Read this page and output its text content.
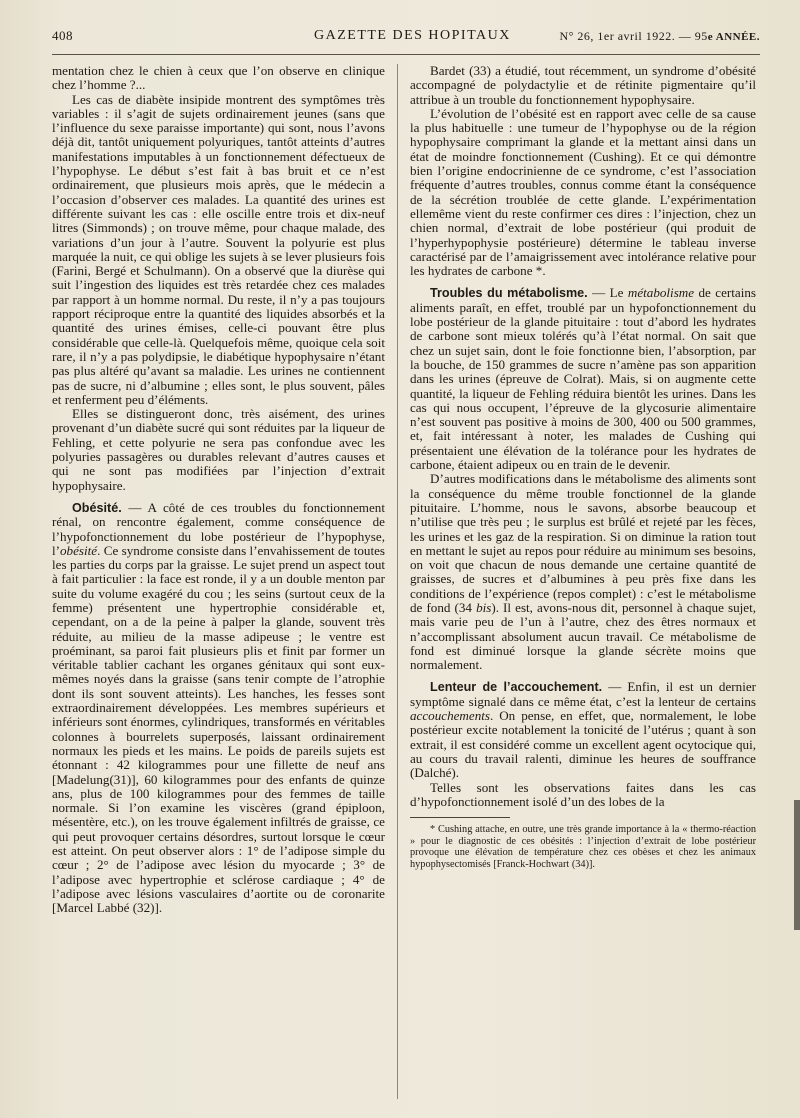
408	GAZETTE DES HOPITAUX	N° 26, 1er avril 1922. — 95e ANNÉE.

mentation chez le chien à ceux que l’on observe en clinique chez l’homme ?...

Les cas de diabète insipide montrent des symptômes très variables : il s’agit de sujets ordinairement jeunes (sans que l’influence du sexe paraisse importante) qui sont, nous l’avons déjà dit, tantôt uniquement polyuriques, tantôt atteints d’autres manifestations imputables à un fonctionnement défectueux de l’hypophyse. Le début s’est fait à bas bruit et ce n’est ordinairement, que plusieurs mois après, que le médecin a l’occasion d’observer ces malades. La quantité des urines est différente suivant les cas : elle oscille entre trois et dix-neuf litres (Simmonds) ; on trouve même, pour chaque malade, des variations d’un jour à l’autre. Souvent la polyurie est plus marquée la nuit, ce qui oblige les sujets à se lever plusieurs fois (Farini, Bergé et Schulmann). On a observé que la diurèse qui suit l’ingestion des liquides est très retardée chez ces malades par rapport à un homme normal. Du reste, il n’y a pas toujours rapport réciproque entre la quantité des liquides absorbés et la quantité des urines émises, celle-ci pouvant être plus considérable que celle-là. Quelquefois même, quoique cela soit rare, il n’y a pas polydipsie, le diabétique hypophysaire n’étant pas plus altéré qu’avant sa maladie. Les urines ne contiennent pas de sucre, ni d’albumine ; elles sont, le plus souvent, pâles et renferment peu d’éléments.

Elles se distingueront donc, très aisément, des urines provenant d’un diabète sucré qui sont réduites par la liqueur de Fehling, et cette polyurie ne sera pas confondue avec les polyuries passagères ou durables relevant d’autres causes et qui ne sont pas modifiées par l’injection d’extrait hypophysaire.

Obésité. — A côté de ces troubles du fonctionnement rénal, on rencontre également, comme conséquence de l’hypofonctionnement du lobe postérieur de l’hypophyse, l’obésité. Ce syndrome consiste dans l’envahissement de toutes les parties du corps par la graisse. Le sujet prend un aspect tout à fait particulier : la face est ronde, il y a un double menton par suite du volume exagéré du cou ; les seins (surtout ceux de la femme) présentent une hypertrophie considérable et, cependant, on a de la peine à palper la glande, souvent très réduite, au milieu de la masse adipeuse ; le ventre est proéminant, sa paroi fait plusieurs plis et finit par former un véritable tablier cachant les organes génitaux qui sont eux-mêmes noyés dans la graisse (sans tenir compte de l’atrophie dont ils sont souvent atteints). Les hanches, les fesses sont extraordinairement développées. Les membres supérieurs et inférieurs sont énormes, cylindriques, transformés en véritables colonnes à bourrelets superposés, laissant ordinairement normaux les pieds et les mains. Le poids de pareils sujets est étonnant : 42 kilogrammes pour une fillette de neuf ans [Madelung(31)], 60 kilogrammes pour des enfants de quinze ans, plus de 100 kilogrammes pour des femmes de taille normale. Si l’on examine les viscères (grand épiploon, mésentère, etc.), on les trouve également infiltrés de graisse, ce qui peut provoquer certains désordres, surtout lorsque le cœur est atteint. On peut observer alors : 1° de l’adipose simple du cœur ; 2° de l’adipose avec lésion du myocarde ; 3° de l’adipose avec hypertrophie et sclérose cardiaque ; 4° de l’adipose avec lésions vasculaires d’aortite ou de coronarite [Marcel Labbé (32)].

Bardet (33) a étudié, tout récemment, un syndrome d’obésité accompagné de polydactylie et de rétinite pigmentaire qu’il attribue à un trouble du fonctionnement hypophysaire.

L’évolution de l’obésité est en rapport avec celle de sa cause la plus habituelle : une tumeur de l’hypophyse ou de la région hypophysaire comprimant la glande et la mettant ainsi dans un état de moindre fonctionnement (Cushing). Et ce qui démontre bien l’origine endocrinienne de ce syndrome, c’est l’association fréquente d’autres troubles, connus comme étant la conséquence de la sécrétion troublée de cette glande. L’expérimentation ellemême vient du reste confirmer ces dires : l’injection, chez un chien normal, d’extrait de lobe postérieur (qui produit de l’hyperhypophysie postérieure) détermine le tableau inverse caractérisé par de l’amaigrissement avec intolérance relative pour les hydrates de carbone *.

Troubles du métabolisme. — Le métabolisme de certains aliments paraît, en effet, troublé par un hypofonctionnement du lobe postérieur de la glande pituitaire : tout d’abord les hydrates de carbone sont mieux tolérés qu’à l’état normal. On sait que chez un sujet sain, dont le foie fonctionne bien, l’absorption, par la bouche, de 150 grammes de sucre n’amène pas son apparition dans les urines (épreuve de Colrat). Mais, si on augmente cette quantité, la liqueur de Fehling réduira bientôt les urines. Dans les cas qui nous occupent, l’épreuve de la glycosurie alimentaire n’est souvent pas positive à moins de 300, 400 ou 500 grammes, et, fait intéressant à noter, les malades de Cushing qui présentaient une élévation de la tolérance pour les hydrates de carbone, étaient adipeux ou en train de le devenir.

D’autres modifications dans le métabolisme des aliments sont la conséquence du même trouble fonctionnel de la glande pituitaire. L’homme, nous le savons, absorbe beaucoup et n’utilise que très peu ; le surplus est brûlé et rejeté par les fèces, les urines et les gaz de la respiration. Si on diminue la ration tout en mettant le sujet au repos pour réduire au minimum ses besoins, on voit que chacun de nous demande une certaine quantité de graisses, de sucres et d’albumines à peu près fixe dans les conditions de l’expérience (repos complet) : c’est le métabolisme de fond (34 bis). Il est, avons-nous dit, personnel à chaque sujet, mais varie peu de l’un à l’autre, chez des êtres normaux et n’accomplissant absolument aucun travail. Ce métabolisme de fond est diminué lorsque la glande sécrète moins que normalement.

Lenteur de l’accouchement. — Enfin, il est un dernier symptôme signalé dans ce même état, c’est la lenteur de certains accouchements. On pense, en effet, que, normalement, le lobe postérieur excite notablement la tonicité de l’utérus ; quant à son extrait, il est considéré comme un excellent agent ocytocique qui, au cours du travail ralenti, diminue les heures de souffrance (Dalché).

Telles sont les observations faites dans les cas d’hypofonctionnement isolé d’un des lobes de la

* Cushing attache, en outre, une très grande importance à la « thermo-réaction » pour le diagnostic de ces obésités : l’injection d’extrait de lobe postérieur provoque une élévation de température chez ces obèses et chez les animaux hypophysectomisés [Franck-Hochwart (34)].
